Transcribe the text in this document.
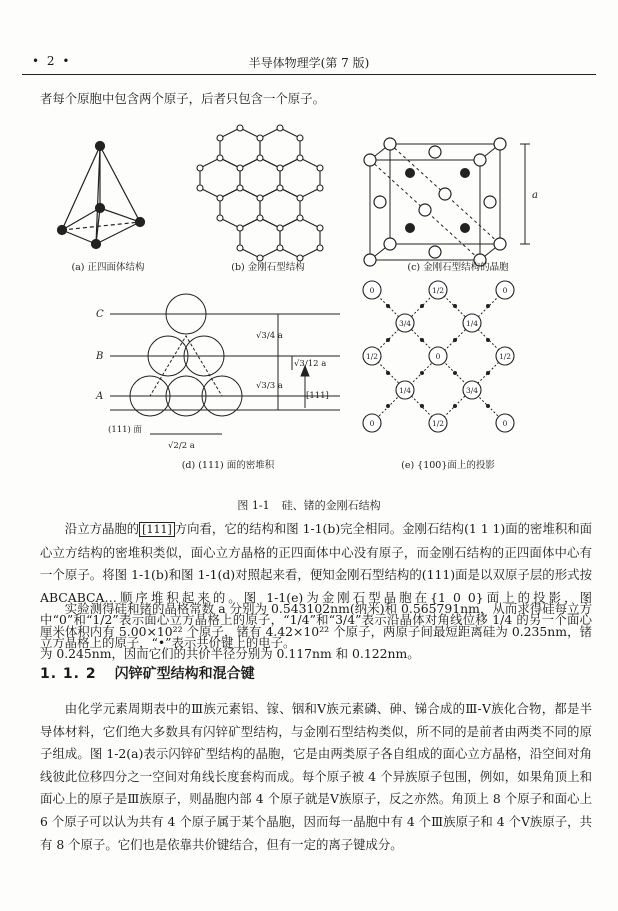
• 2 •	半导体物理学(第 7 版)
者每个原胞中包含两个原子，后者只包含一个原子。
a
C
B
A
√3/4 a
√3/12 a
√3/3 a
√2/2 a
(111) 面
[111]
0	1/2	0
3/4	1/4
1/2	0	1/2
1/4	3/4
0	1/2	0
(a) 正四面体结构	(b) 金刚石型结构	(c) 金刚石型结构的晶胞
(d) (111) 面的密堆积	(e) {100}面上的投影
图 1-1 硅、锗的金刚石结构

沿立方晶胞的 [111] 方向看，它的结构和图 1-1(b)完全相同。金刚石结构(1 1 1)面的密堆积和面心立方结构的密堆积类似，面心立方晶格的正四面体中心没有原子，而金刚石结构的正四面体中心有一个原子。将图 1-1(b)和图 1-1(d)对照起来看，便知金刚石型结构的(111)面是以双原子层的形式按 ABCABCA…顺序堆积起来的。图 1-1(e)为金刚石型晶胞在{1 0 0}面上的投影，图中“0”和“1/2”表示面心立方晶格上的原子，“1/4”和“3/4”表示沿晶体对角线位移 1/4 的另一个面心立方晶格上的原子，“•”表示共价键上的电子。

实验测得硅和锗的晶格常数 a 分别为 0.543102nm(纳米)和 0.565791nm，从而求得硅每立方厘米体积内有 5.00×10²² 个原子，锗有 4.42×10²² 个原子，两原子间最短距离硅为 0.235nm，锗为 0.245nm，因而它们的共价半径分别为 0.117nm 和 0.122nm。

1. 1. 2 闪锌矿型结构和混合键

由化学元素周期表中的Ⅲ族元素铝、镓、铟和Ⅴ族元素磷、砷、锑合成的Ⅲ-Ⅴ族化合物，都是半导体材料，它们绝大多数具有闪锌矿型结构，与金刚石型结构类似，所不同的是前者由两类不同的原子组成。图 1-2(a)表示闪锌矿型结构的晶胞，它是由两类原子各自组成的面心立方晶格，沿空间对角线彼此位移四分之一空间对角线长度套构而成。每个原子被 4 个异族原子包围，例如，如果角顶上和面心上的原子是Ⅲ族原子，则晶胞内部 4 个原子就是Ⅴ族原子，反之亦然。角顶上 8 个原子和面心上 6 个原子可以认为共有 4 个原子属于某个晶胞，因而每一晶胞中有 4 个Ⅲ族原子和 4 个Ⅴ族原子，共有 8 个原子。它们也是依靠共价键结合，但有一定的离子键成分。
